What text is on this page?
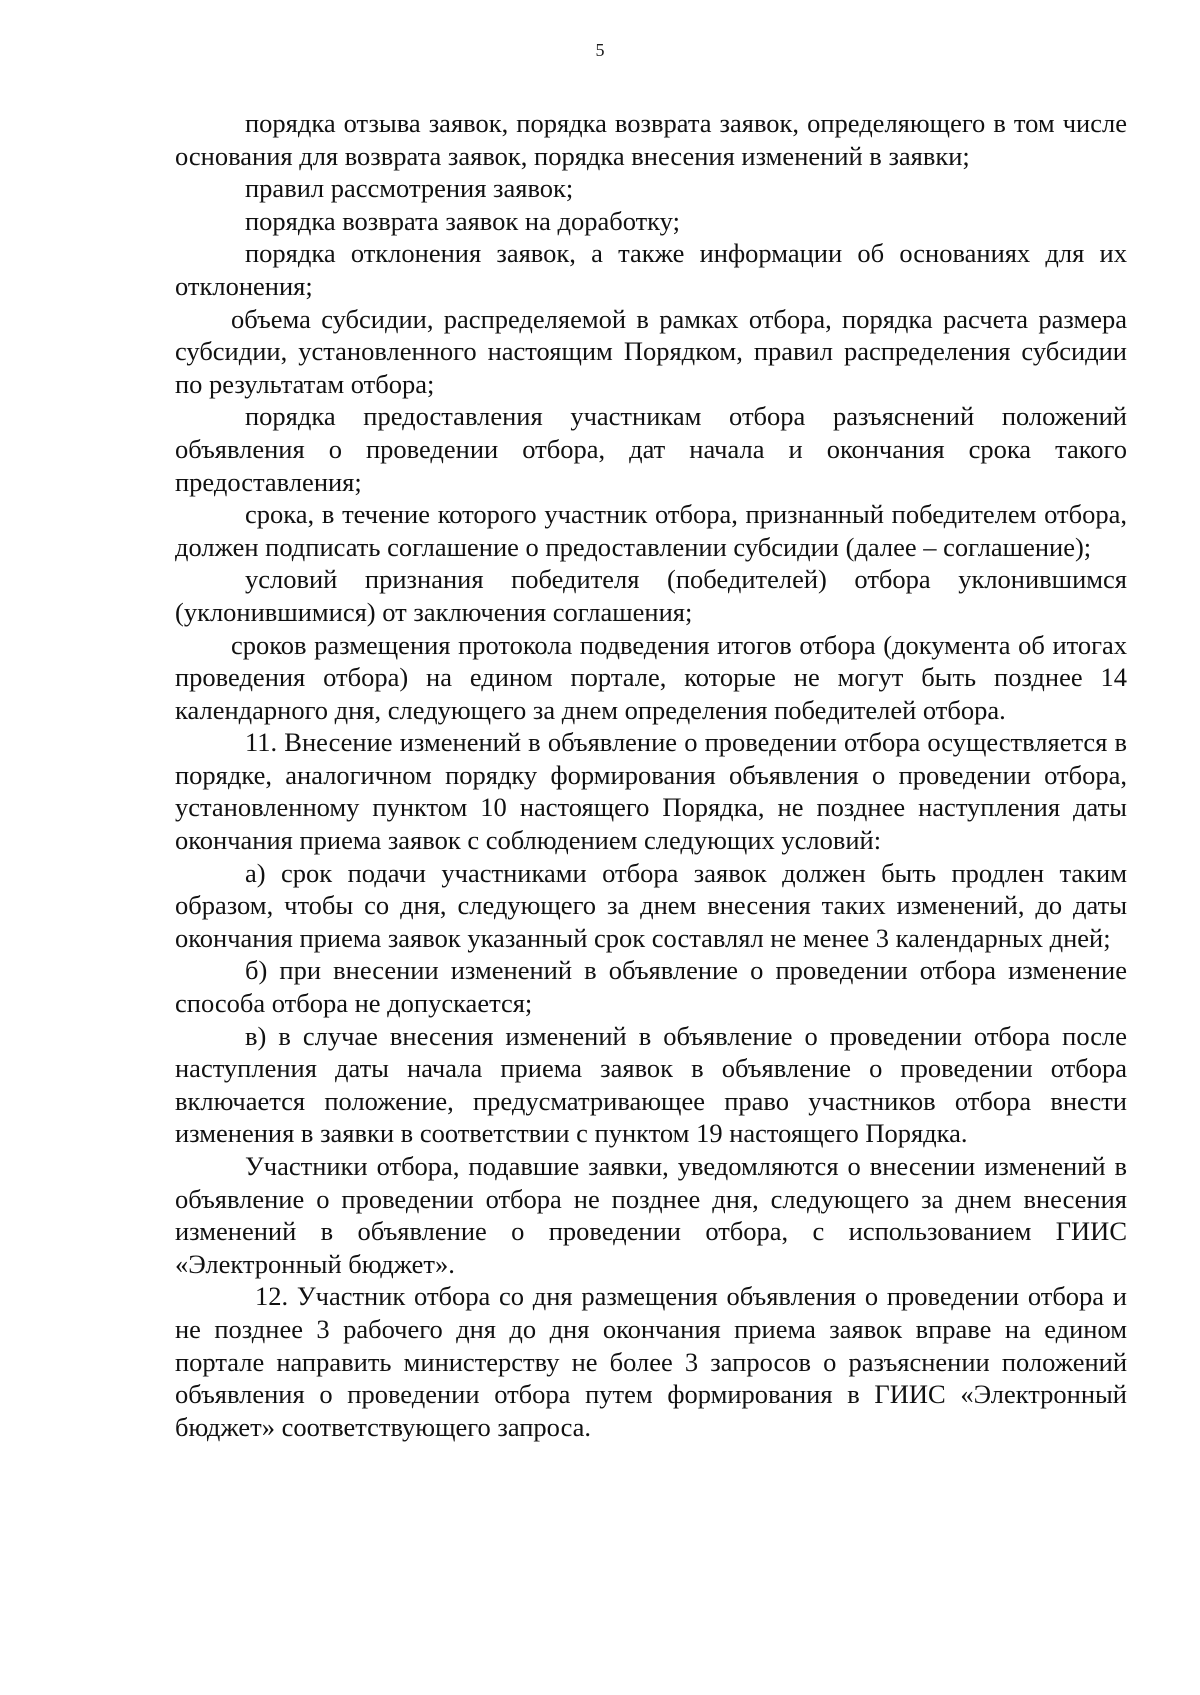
5

порядка отзыва заявок, порядка возврата заявок, определяющего в том числе основания для возврата заявок, порядка внесения изменений в заявки;

правил рассмотрения заявок;

порядка возврата заявок на доработку;

порядка отклонения заявок, а также информации об основаниях для их отклонения;

объема субсидии, распределяемой в рамках отбора, порядка расчета размера субсидии, установленного настоящим Порядком, правил распределения субсидии по результатам отбора;

порядка предоставления участникам отбора разъяснений положений объявления о проведении отбора, дат начала и окончания срока такого предоставления;

срока, в течение которого участник отбора, признанный победителем отбора, должен подписать соглашение о предоставлении субсидии (далее – соглашение);

условий признания победителя (победителей) отбора уклонившимся (уклонившимися) от заключения соглашения;

сроков размещения протокола подведения итогов отбора (документа об итогах проведения отбора) на едином портале, которые не могут быть позднее 14 календарного дня, следующего за днем определения победителей отбора.

11. Внесение изменений в объявление о проведении отбора осуществляется в порядке, аналогичном порядку формирования объявления о проведении отбора, установленному пунктом 10 настоящего Порядка, не позднее наступления даты окончания приема заявок с соблюдением следующих условий:

а) срок подачи участниками отбора заявок должен быть продлен таким образом, чтобы со дня, следующего за днем внесения таких изменений, до даты окончания приема заявок указанный срок составлял не менее 3 календарных дней;

б) при внесении изменений в объявление о проведении отбора изменение способа отбора не допускается;

в) в случае внесения изменений в объявление о проведении отбора после наступления даты начала приема заявок в объявление о проведении отбора включается положение, предусматривающее право участников отбора внести изменения в заявки в соответствии с пунктом 19 настоящего Порядка.

Участники отбора, подавшие заявки, уведомляются о внесении изменений в объявление о проведении отбора не позднее дня, следующего за днем внесения изменений в объявление о проведении отбора, с использованием ГИИС «Электронный бюджет».

12. Участник отбора со дня размещения объявления о проведении отбора и не позднее 3 рабочего дня до дня окончания приема заявок вправе на едином портале направить министерству не более 3 запросов о разъяснении положений объявления о проведении отбора путем формирования в ГИИС «Электронный бюджет» соответствующего запроса.
